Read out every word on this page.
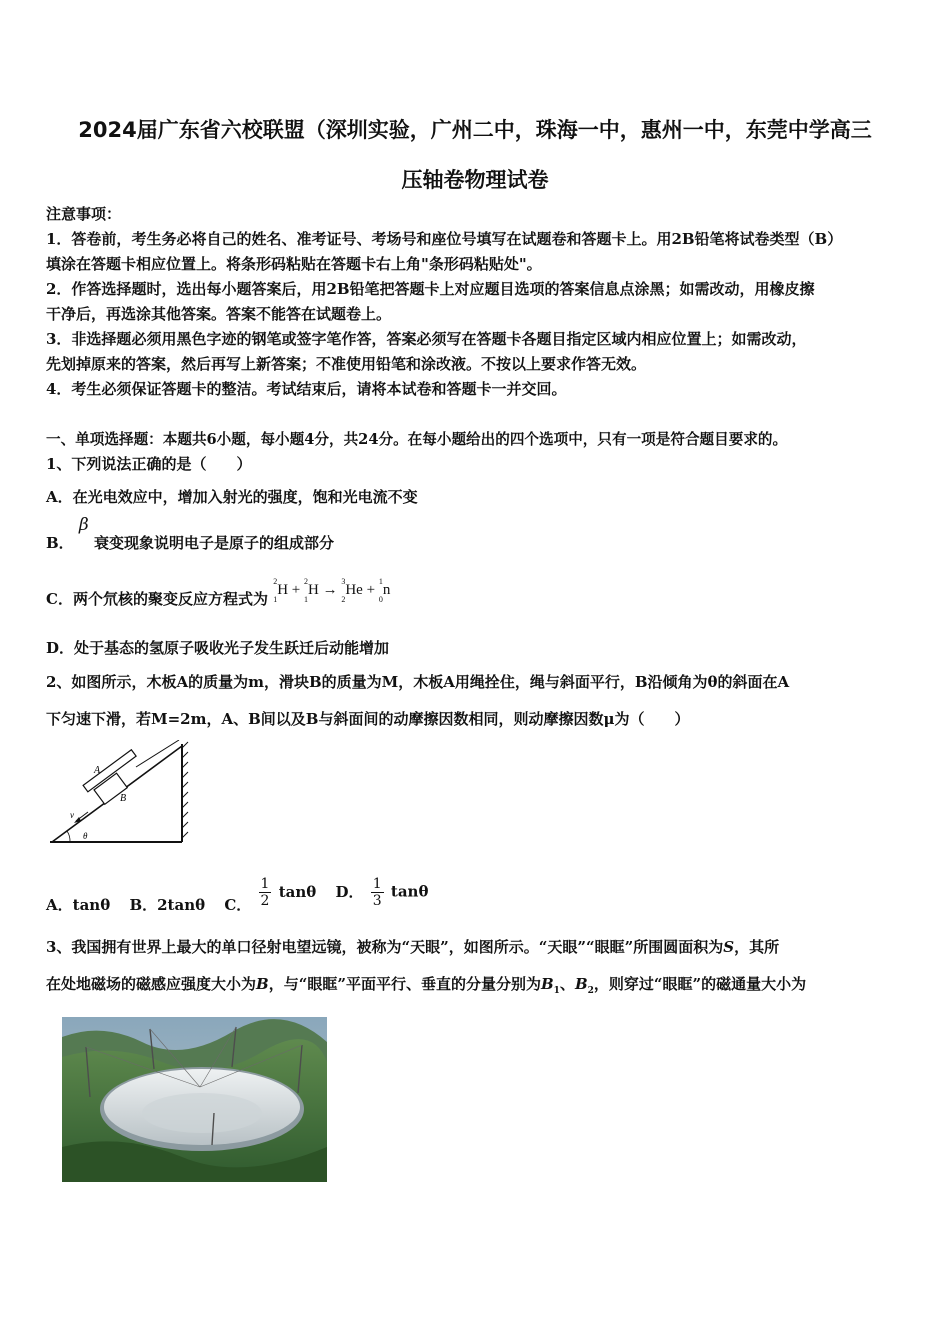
2024届广东省六校联盟（深圳实验，广州二中，珠海一中，惠州一中，东莞中学高三
压轴卷物理试卷
注意事项：
1．答卷前，考生务必将自己的姓名、准考证号、考场号和座位号填写在试题卷和答题卡上。用2B铅笔将试卷类型（B）
填涂在答题卡相应位置上。将条形码粘贴在答题卡右上角"条形码粘贴处"。
2．作答选择题时，选出每小题答案后，用2B铅笔把答题卡上对应题目选项的答案信息点涂黑；如需改动，用橡皮擦
干净后，再选涂其他答案。答案不能答在试题卷上。
3．非选择题必须用黑色字迹的钢笔或签字笔作答，答案必须写在答题卡各题目指定区域内相应位置上；如需改动，
先划掉原来的答案，然后再写上新答案；不准使用铅笔和涂改液。不按以上要求作答无效。
4．考生必须保证答题卡的整洁。考试结束后，请将本试卷和答题卡一并交回。
一、单项选择题：本题共6小题，每小题4分，共24分。在每小题给出的四个选项中，只有一项是符合题目要求的。
1、下列说法正确的是（　　）
A．在光电效应中，增加入射光的强度，饱和光电流不变
B． β 衰变现象说明电子是原子的组成部分
C．两个氘核的聚变反应方程式为 $^2$
$_1$H + $^2$
$_1$H → $^3$
$_2$He + $^1$
$_0$n
D．处于基态的氢原子吸收光子发生跃迁后动能增加
2、如图所示，木板A的质量为m，滑块B的质量为M，木板A用绳拴住，绳与斜面平行，B沿倾角为θ的斜面在A
下匀速下滑，若M=2m，A、B间以及B与斜面间的动摩擦因数相同，则动摩擦因数μ为（　　）
A
B
v
θ
A．tanθ B．2tanθ C． $\frac{1}{2}$ tanθ D． $\frac{1}{3}$ tanθ
3、我国拥有世界上最大的单口径射电望远镜，被称为“天眼”，如图所示。“天眼”“眼眶”所围圆面积为S，其所
在处地磁场的磁感应强度大小为B，与“眼眶”平面平行、垂直的分量分别为$B_1$、$B_2$，则穿过“眼眶”的磁通量大小为
